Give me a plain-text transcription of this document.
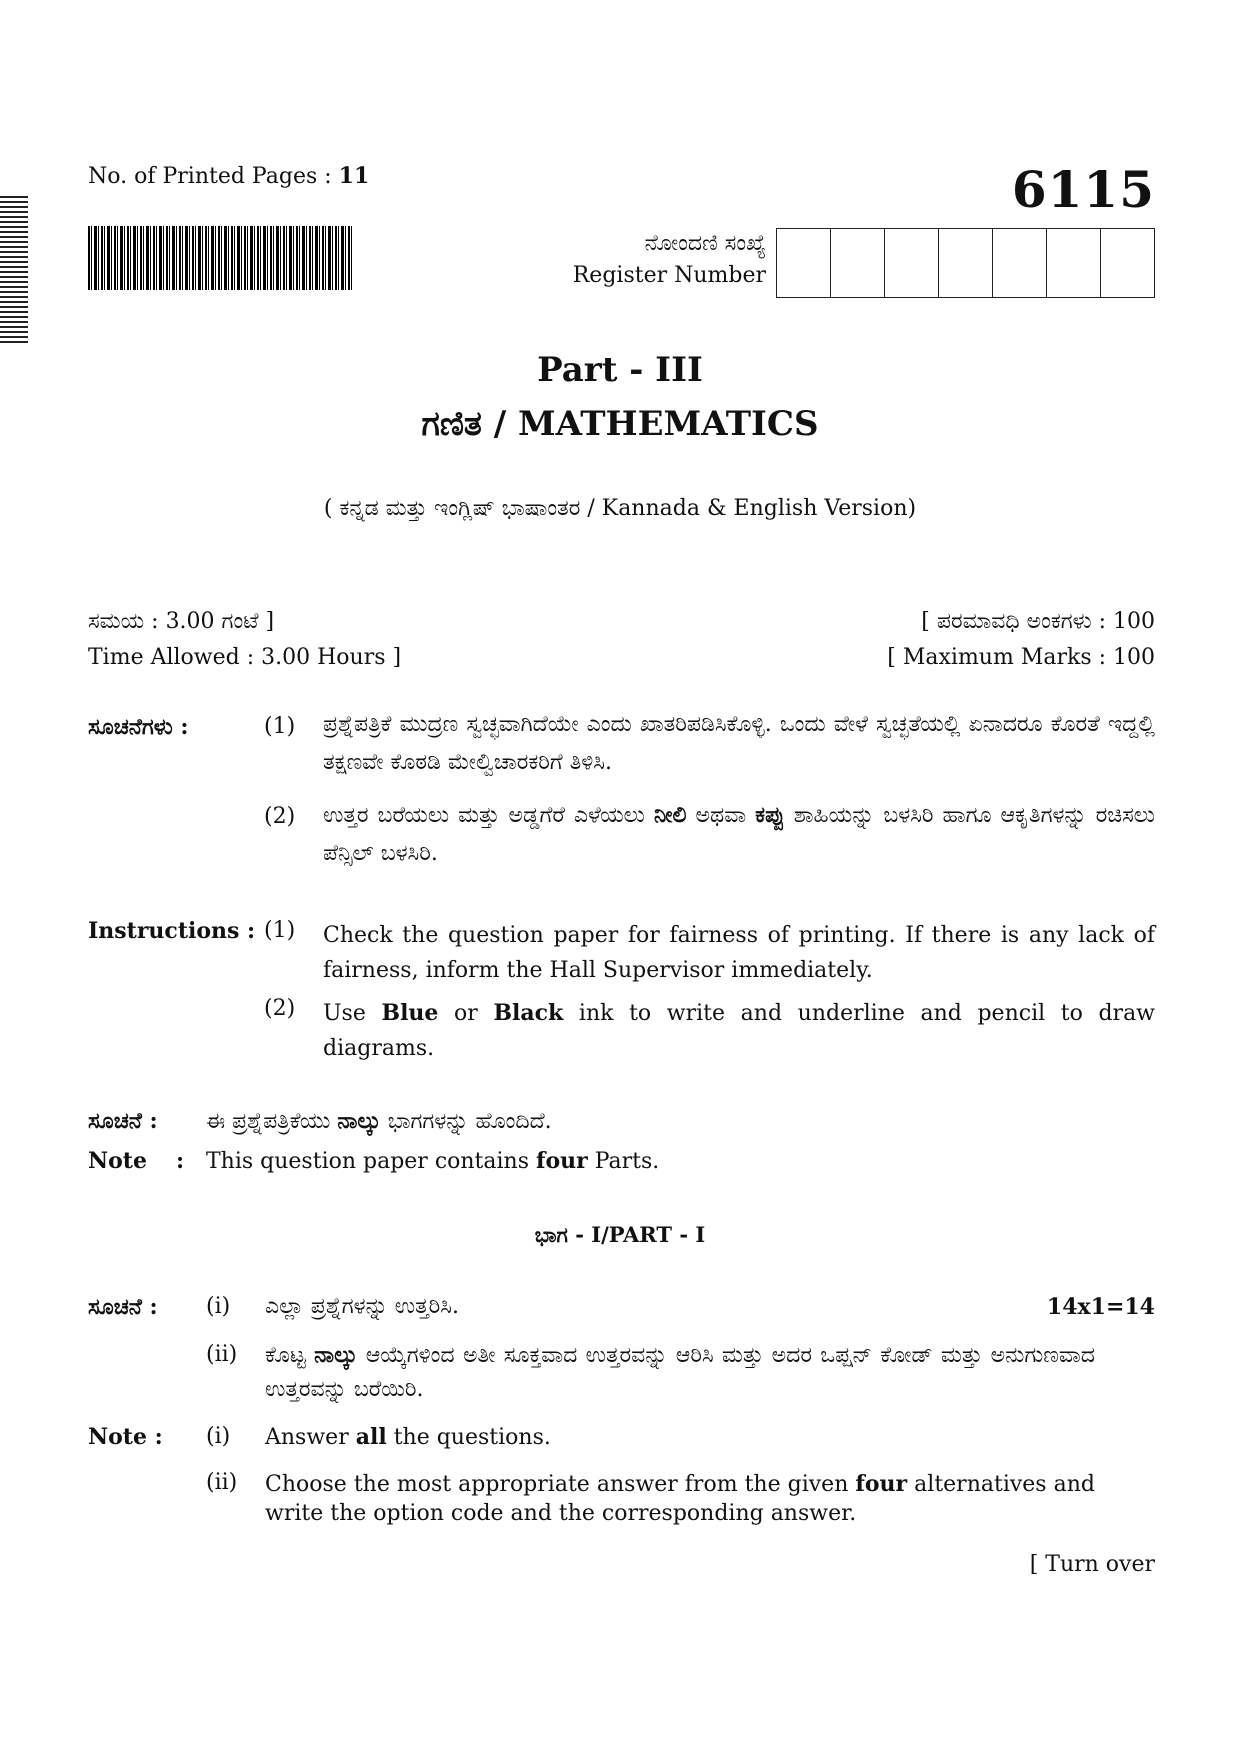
No. of Printed Pages : 11	6115
ನೋಂದಣಿ ಸಂಖ್ಯೆ
Register Number
Part - III
ಗಣಿತ / MATHEMATICS
( ಕನ್ನಡ ಮತ್ತು ಇಂಗ್ಲಿಷ್ ಭಾಷಾಂತರ / Kannada & English Version)
ಸಮಯ : 3.00 ಗಂಟೆ ]
Time Allowed : 3.00 Hours ]
[ ಪರಮಾವಧಿ ಅಂಕಗಳು : 100
[ Maximum Marks : 100
ಸೂಚನೆಗಳು :	(1) ಪ್ರಶ್ನೆಪತ್ರಿಕೆ ಮುದ್ರಣ ಸ್ವಚ್ಛವಾಗಿದೆಯೇ ಎಂದು ಖಾತರಿಪಡಿಸಿಕೊಳ್ಳಿ. ಒಂದು ವೇಳೆ ಸ್ವಚ್ಛತೆಯಲ್ಲಿ ಏನಾದರೂ ಕೊರತೆ ಇದ್ದಲ್ಲಿ ತಕ್ಷಣವೇ ಕೊಠಡಿ ಮೇಲ್ವಿಚಾರಕರಿಗೆ ತಿಳಿಸಿ.
(2) ಉತ್ತರ ಬರೆಯಲು ಮತ್ತು ಅಡ್ಡಗೆರೆ ಎಳೆಯಲು ನೀಲಿ ಅಥವಾ ಕಪ್ಪು ಶಾಹಿಯನ್ನು ಬಳಸಿರಿ ಹಾಗೂ ಆಕೃತಿಗಳನ್ನು ರಚಿಸಲು ಪೆನ್ಸಿಲ್ ಬಳಸಿರಿ.
Instructions : (1) Check the question paper for fairness of printing. If there is any lack of fairness, inform the Hall Supervisor immediately.
(2) Use Blue or Black ink to write and underline and pencil to draw diagrams.
ಸೂಚನೆ : ಈ ಪ್ರಶ್ನೆಪತ್ರಿಕೆಯು ನಾಲ್ಕು ಭಾಗಗಳನ್ನು ಹೊಂದಿದೆ.
Note : This question paper contains four Parts.
ಭಾಗ - I/PART - I
ಸೂಚನೆ : (i) ಎಲ್ಲಾ ಪ್ರಶ್ನೆಗಳನ್ನು ಉತ್ತರಿಸಿ.	14x1=14
(ii) ಕೊಟ್ಟ ನಾಲ್ಕು ಆಯ್ಕೆಗಳಿಂದ ಅತೀ ಸೂಕ್ತವಾದ ಉತ್ತರವನ್ನು ಆರಿಸಿ ಮತ್ತು ಅದರ ಒಪ್ಷನ್ ಕೋಡ್ ಮತ್ತು ಅನುಗುಣವಾದ ಉತ್ತರವನ್ನು ಬರೆಯಿರಿ.
Note : (i) Answer all the questions.
(ii) Choose the most appropriate answer from the given four alternatives and write the option code and the corresponding answer.
[ Turn over
